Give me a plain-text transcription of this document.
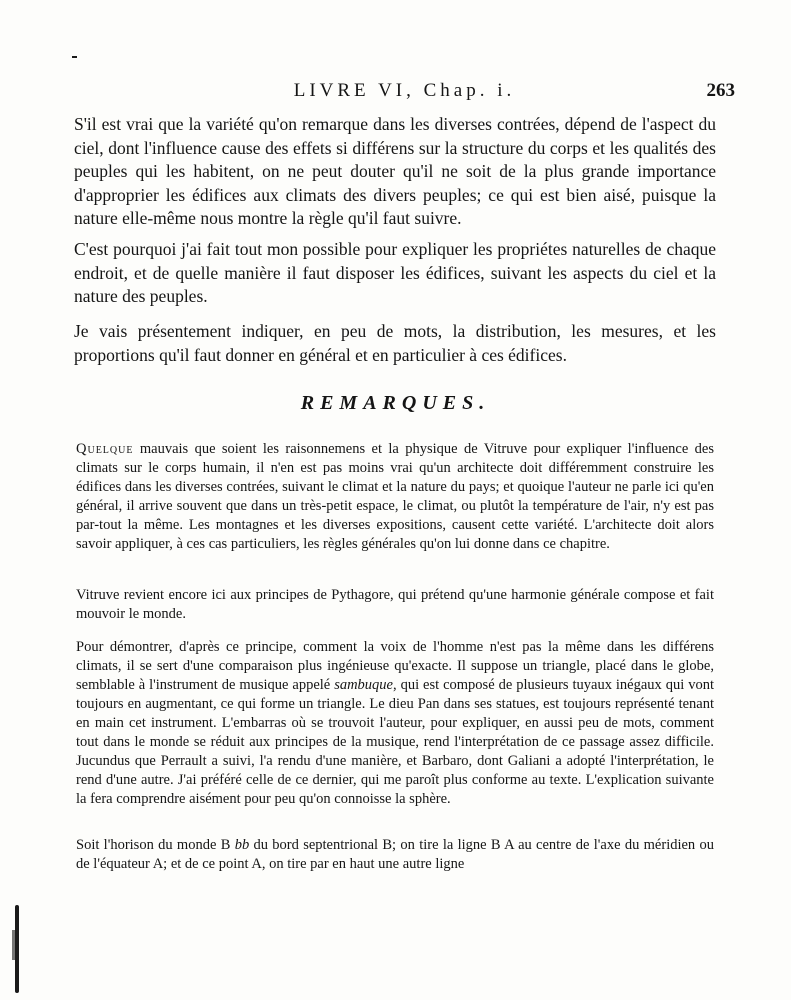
LIVRE VI, Chap. i.	263

S'il est vrai que la variété qu'on remarque dans les diverses contrées, dépend de l'aspect du ciel, dont l'influence cause des effets si différens sur la structure du corps et les qualités des peuples qui les habitent, on ne peut douter qu'il ne soit de la plus grande importance d'approprier les édifices aux climats des divers peuples; ce qui est bien aisé, puisque la nature elle-même nous montre la règle qu'il faut suivre.

C'est pourquoi j'ai fait tout mon possible pour expliquer les propriétes naturelles de chaque endroit, et de quelle manière il faut disposer les édifices, suivant les aspects du ciel et la nature des peuples.

Je vais présentement indiquer, en peu de mots, la distribution, les mesures, et les proportions qu'il faut donner en général et en particulier à ces édifices.

REMARQUES.

Quelque mauvais que soient les raisonnemens et la physique de Vitruve pour expliquer l'influence des climats sur le corps humain, il n'en est pas moins vrai qu'un architecte doit différemment construire les édifices dans les diverses contrées, suivant le climat et la nature du pays; et quoique l'auteur ne parle ici qu'en général, il arrive souvent que dans un très-petit espace, le climat, ou plutôt la température de l'air, n'y est pas par-tout la même. Les montagnes et les diverses expositions, causent cette variété. L'architecte doit alors savoir appliquer, à ces cas particuliers, les règles générales qu'on lui donne dans ce chapitre.

Vitruve revient encore ici aux principes de Pythagore, qui prétend qu'une harmonie générale compose et fait mouvoir le monde.

Pour démontrer, d'après ce principe, comment la voix de l'homme n'est pas la même dans les différens climats, il se sert d'une comparaison plus ingénieuse qu'exacte. Il suppose un triangle, placé dans le globe, semblable à l'instrument de musique appelé sambuque, qui est composé de plusieurs tuyaux inégaux qui vont toujours en augmentant, ce qui forme un triangle. Le dieu Pan dans ses statues, est toujours représenté tenant en main cet instrument. L'embarras où se trouvoit l'auteur, pour expliquer, en aussi peu de mots, comment tout dans le monde se réduit aux principes de la musique, rend l'interprétation de ce passage assez difficile. Jucundus que Perrault a suivi, l'a rendu d'une manière, et Barbaro, dont Galiani a adopté l'interprétation, le rend d'une autre. J'ai préféré celle de ce dernier, qui me paroît plus conforme au texte. L'explication suivante la fera comprendre aisément pour peu qu'on connoisse la sphère.

Soit l'horison du monde B bb du bord septentrional B; on tire la ligne B A au centre de l'axe du méridien ou de l'équateur A; et de ce point A, on tire par en haut une autre ligne
